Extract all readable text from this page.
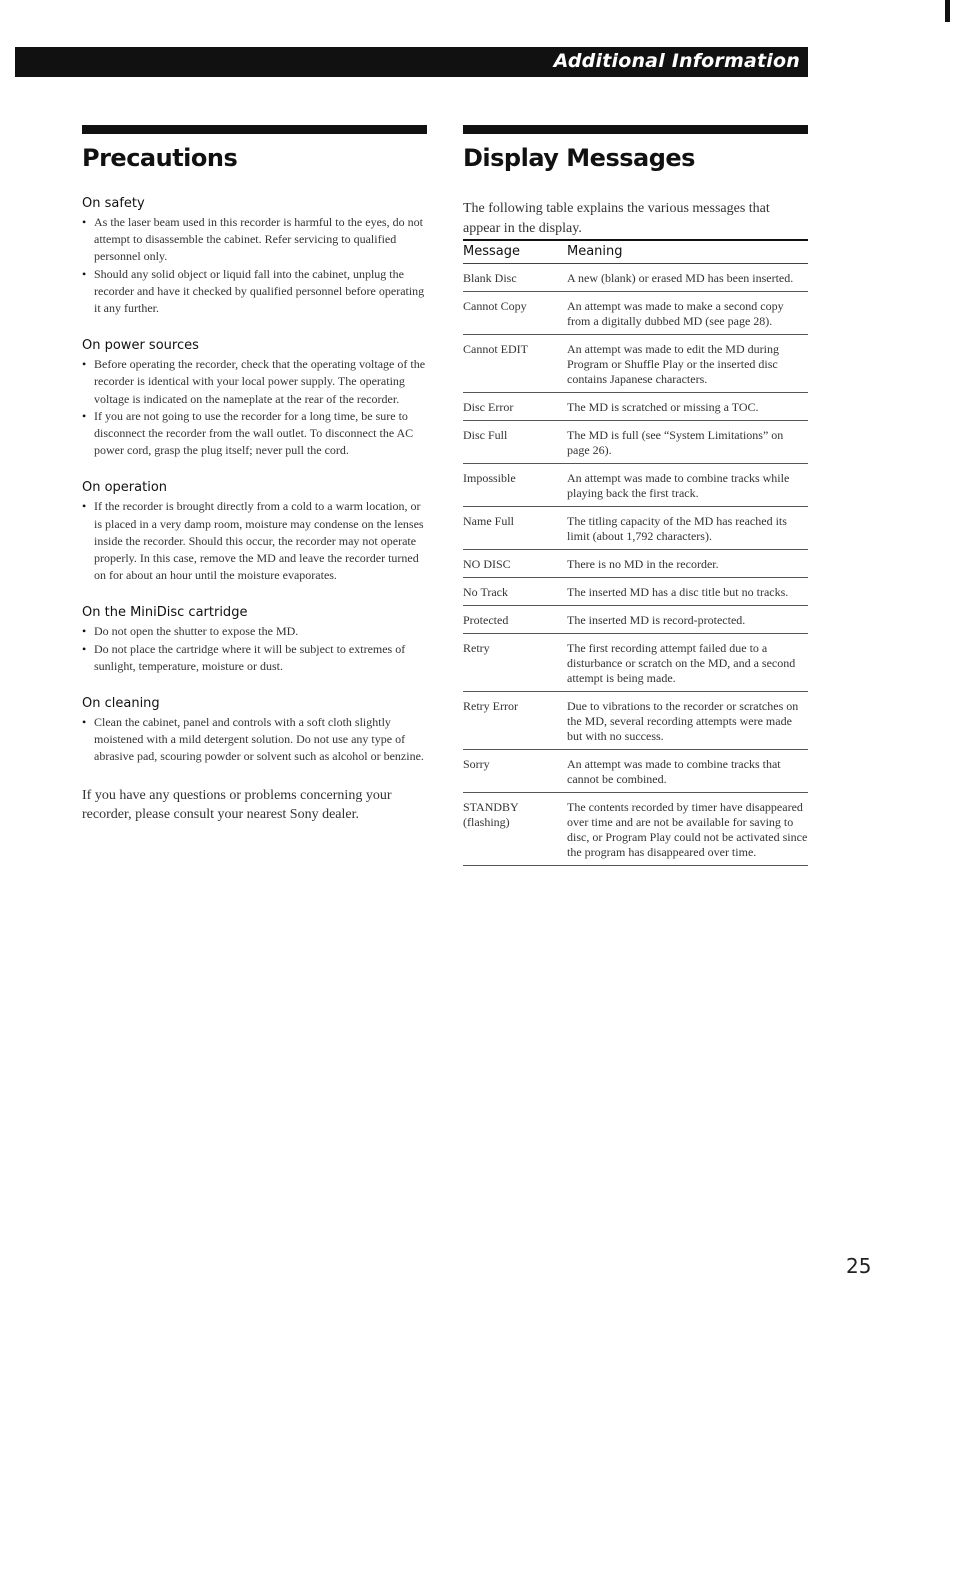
Additional Information
Precautions
On safety
• As the laser beam used in this recorder is harmful to the eyes, do not attempt to disassemble the cabinet. Refer servicing to qualified personnel only.
• Should any solid object or liquid fall into the cabinet, unplug the recorder and have it checked by qualified personnel before operating it any further.
On power sources
• Before operating the recorder, check that the operating voltage of the recorder is identical with your local power supply. The operating voltage is indicated on the nameplate at the rear of the recorder.
• If you are not going to use the recorder for a long time, be sure to disconnect the recorder from the wall outlet. To disconnect the AC power cord, grasp the plug itself; never pull the cord.
On operation
• If the recorder is brought directly from a cold to a warm location, or is placed in a very damp room, moisture may condense on the lenses inside the recorder. Should this occur, the recorder may not operate properly. In this case, remove the MD and leave the recorder turned on for about an hour until the moisture evaporates.
On the MiniDisc cartridge
• Do not open the shutter to expose the MD.
• Do not place the cartridge where it will be subject to extremes of sunlight, temperature, moisture or dust.
On cleaning
• Clean the cabinet, panel and controls with a soft cloth slightly moistened with a mild detergent solution. Do not use any type of abrasive pad, scouring powder or solvent such as alcohol or benzine.

If you have any questions or problems concerning your recorder, please consult your nearest Sony dealer.

Display Messages

The following table explains the various messages that appear in the display.

Message	Meaning
Blank Disc	A new (blank) or erased MD has been inserted.
Cannot Copy	An attempt was made to make a second copy from a digitally dubbed MD (see page 28).
Cannot EDIT	An attempt was made to edit the MD during Program or Shuffle Play or the inserted disc contains Japanese characters.
Disc Error	The MD is scratched or missing a TOC.
Disc Full	The MD is full (see “System Limitations” on page 26).
Impossible	An attempt was made to combine tracks while playing back the first track.
Name Full	The titling capacity of the MD has reached its limit (about 1,792 characters).
NO DISC	There is no MD in the recorder.
No Track	The inserted MD has a disc title but no tracks.
Protected	The inserted MD is record-protected.
Retry	The first recording attempt failed due to a disturbance or scratch on the MD, and a second attempt is being made.
Retry Error	Due to vibrations to the recorder or scratches on the MD, several recording attempts were made but with no success.
Sorry	An attempt was made to combine tracks that cannot be combined.
STANDBY (flashing)	The contents recorded by timer have disappeared over time and are not be available for saving to disc, or Program Play could not be activated since the program has disappeared over time.
25
